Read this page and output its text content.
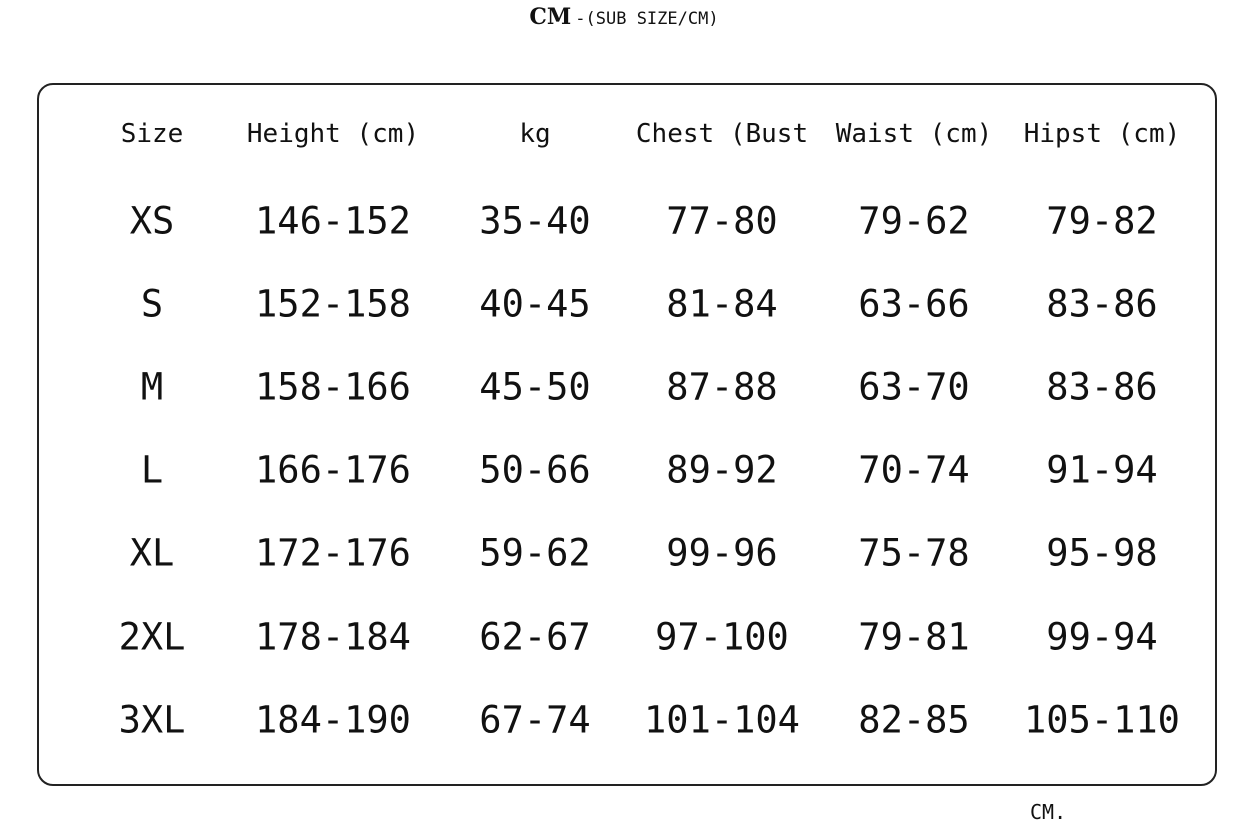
CM -(SUB SIZE/CM)
Size Height (cm)	kg	Chest (Bust Waist (cm) Hipst (cm)
XS 146-152 35-40 77-80 79-62 79-82
S 152-158 40-45 81-84 63-66 83-86
M 158-166 45-50 87-88 63-70 83-86
L 166-176 50-66 89-92 70-74 91-94
XL 172-176 59-62 99-96 75-78 95-98
2XL 178-184 62-67 97-100 79-81 99-94
3XL 184-190 67-74 101-104 82-85 105-110
CM.
